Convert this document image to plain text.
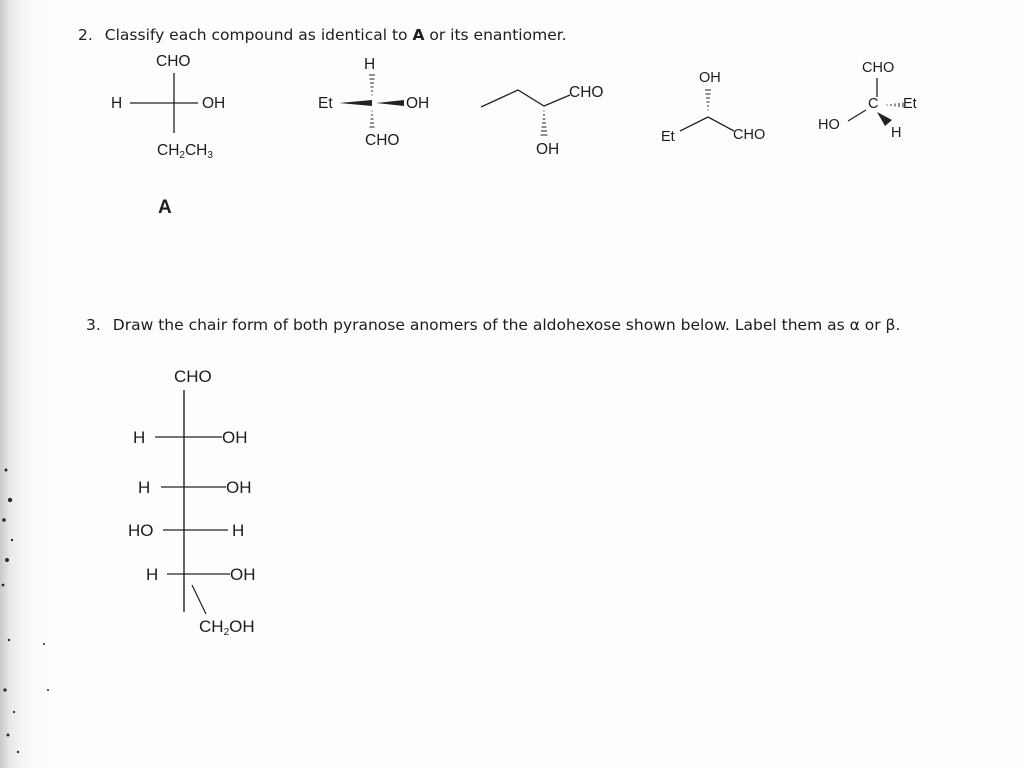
2. Classify each compound as identical to A or its enantiomer.
CHO
H	OH
$CH_2CH_3$
A
H
Et	OH
CHO
CHO
OH
OH
Et	CHO
CHO
C Et
HO	H
3. Draw the chair form of both pyranose anomers of the aldohexose shown below. Label them as α or β.
CHO
H	OH
H	OH
HO	H
H	OH
$CH_2OH$
